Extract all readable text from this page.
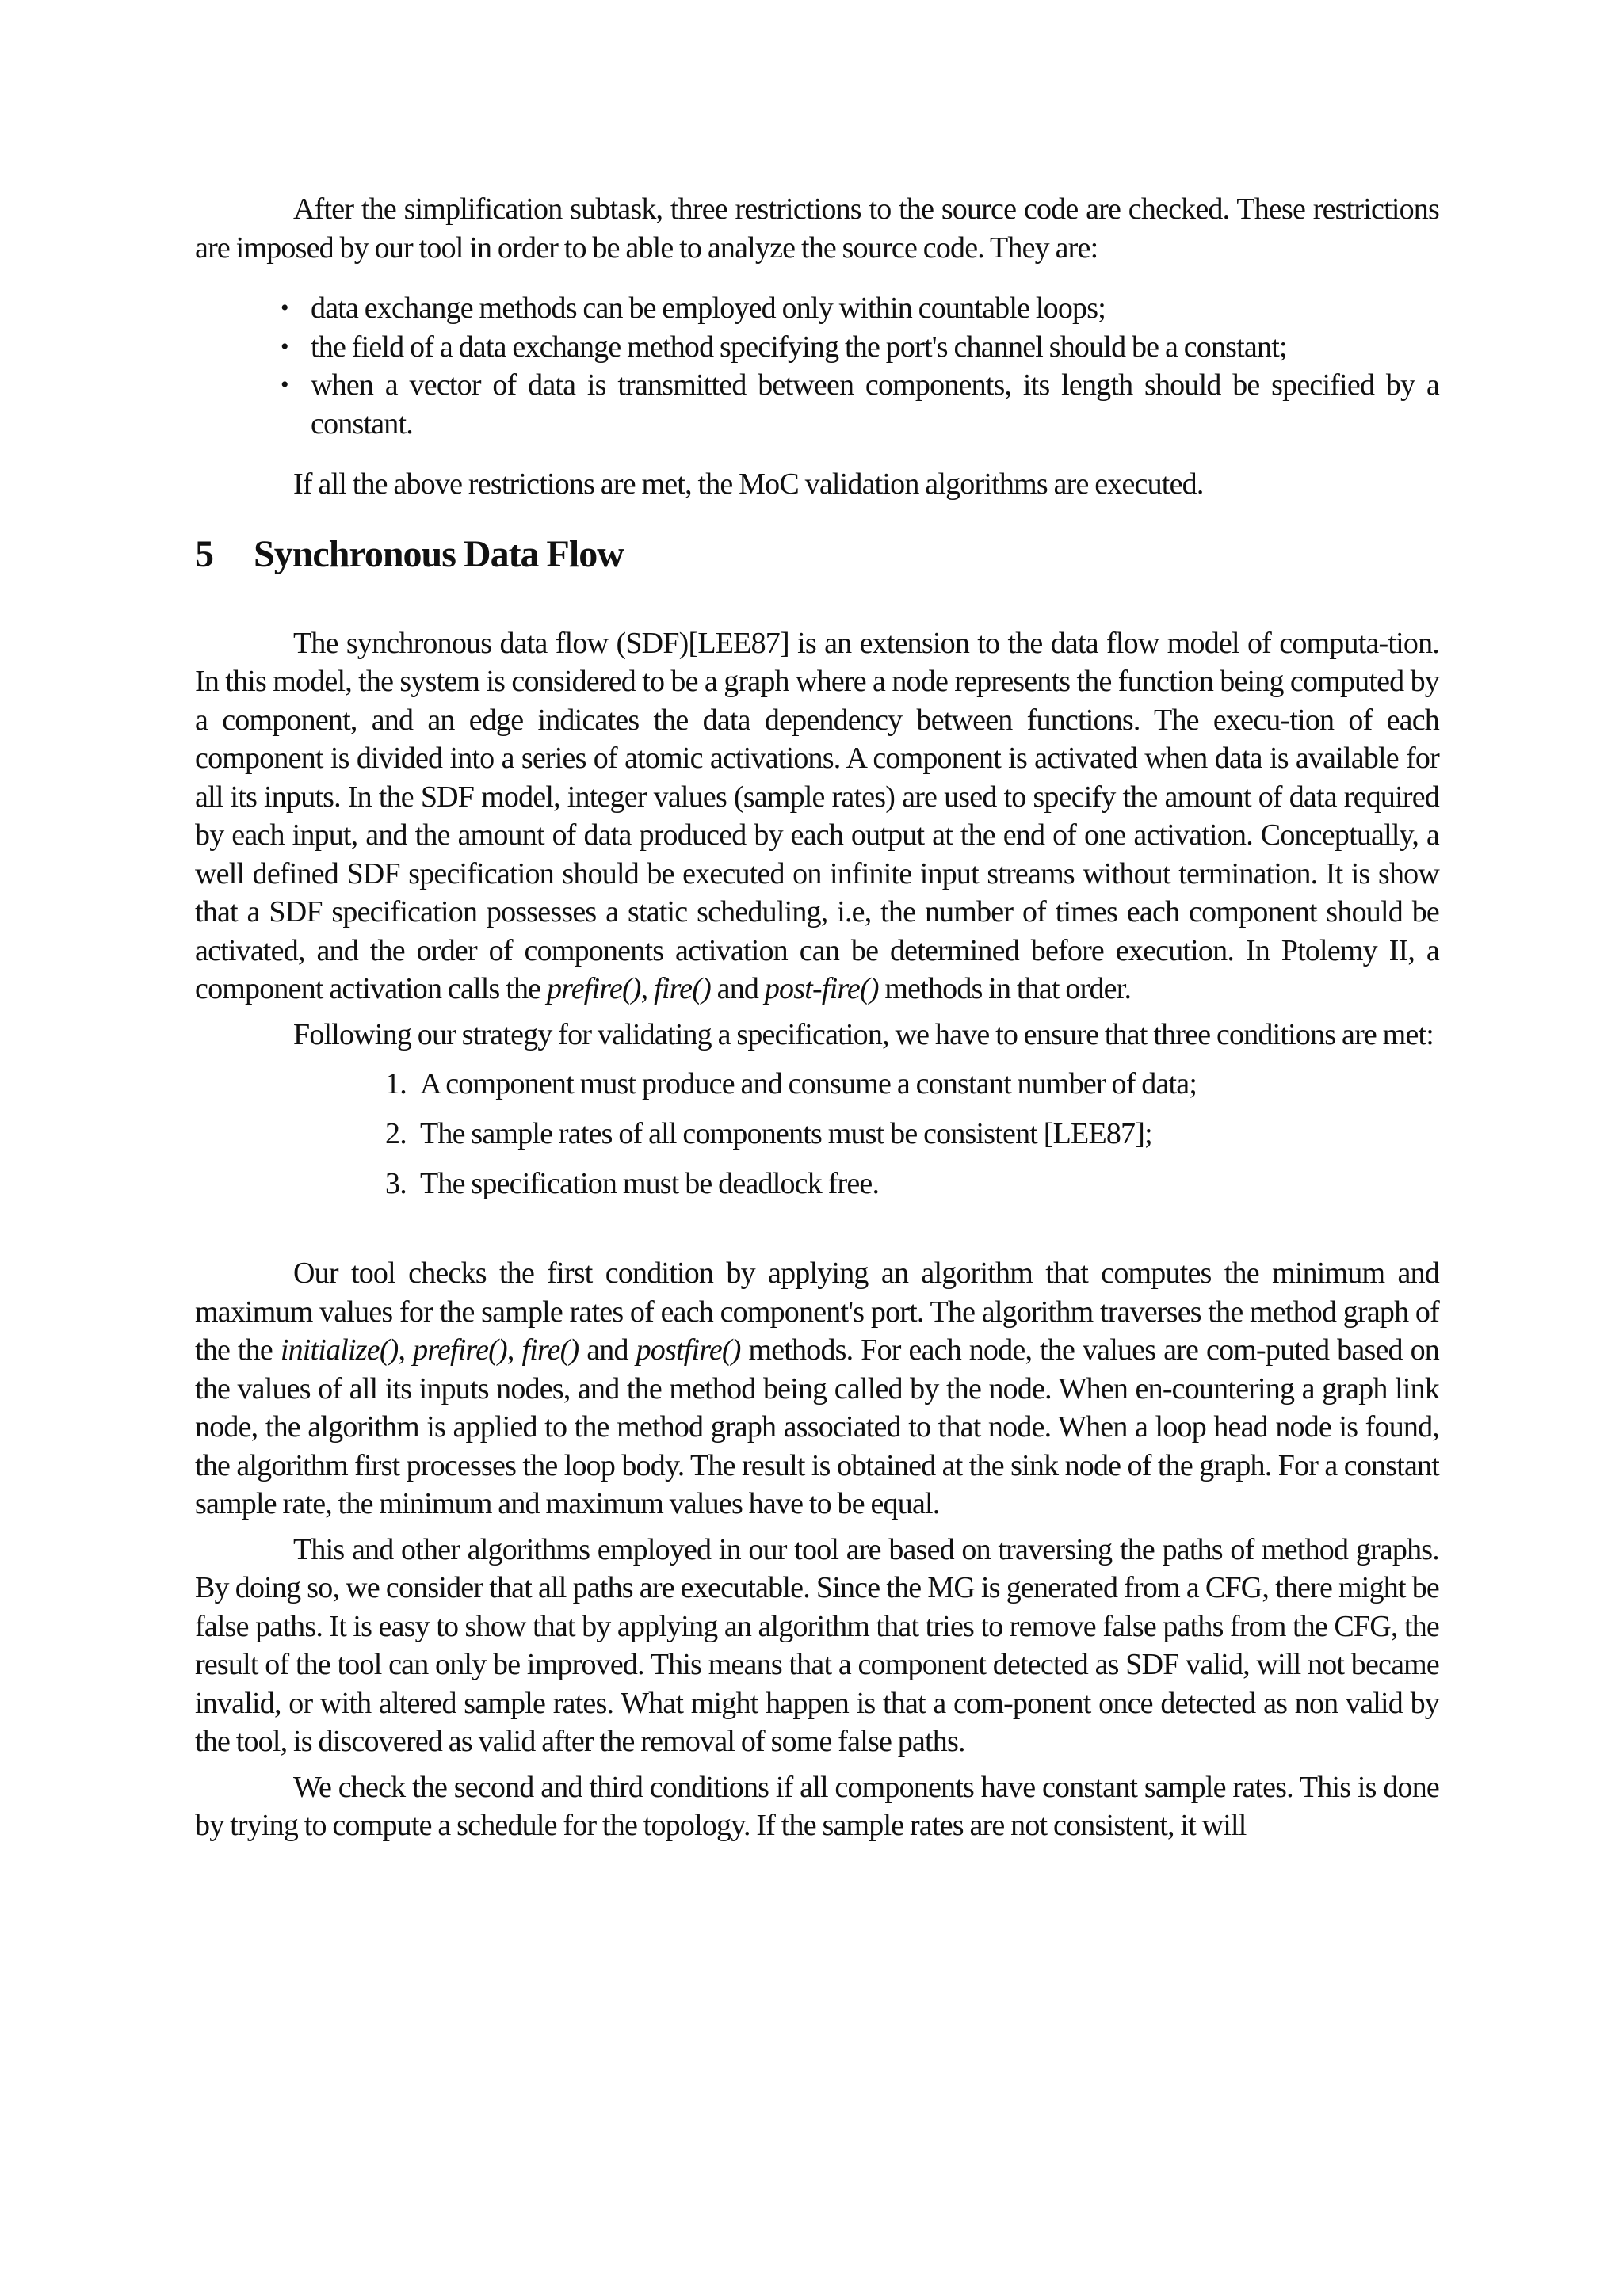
After the simplification subtask, three restrictions to the source code are checked. These restrictions are imposed by our tool in order to be able to analyze the source code. They are:

• data exchange methods can be employed only within countable loops;
• the field of a data exchange method specifying the port's channel should be a constant;
• when a vector of data is transmitted between components, its length should be specified by a constant.

If all the above restrictions are met, the MoC validation algorithms are executed.

5 Synchronous Data Flow

The synchronous data flow (SDF)[LEE87] is an extension to the data flow model of computa-tion. In this model, the system is considered to be a graph where a node represents the function being computed by a component, and an edge indicates the data dependency between functions. The execu-tion of each component is divided into a series of atomic activations. A component is activated when data is available for all its inputs. In the SDF model, integer values (sample rates) are used to specify the amount of data required by each input, and the amount of data produced by each output at the end of one activation. Conceptually, a well defined SDF specification should be executed on infinite input streams without termination. It is show that a SDF specification possesses a static scheduling, i.e, the number of times each component should be activated, and the order of components activation can be determined before execution. In Ptolemy II, a component activation calls the prefire(), fire() and post-fire() methods in that order.

Following our strategy for validating a specification, we have to ensure that three conditions are met:

1. A component must produce and consume a constant number of data;
2. The sample rates of all components must be consistent [LEE87];
3. The specification must be deadlock free.

Our tool checks the first condition by applying an algorithm that computes the minimum and maximum values for the sample rates of each component's port. The algorithm traverses the method graph of the the initialize(), prefire(), fire() and postfire() methods. For each node, the values are com-puted based on the values of all its inputs nodes, and the method being called by the node. When en-countering a graph link node, the algorithm is applied to the method graph associated to that node. When a loop head node is found, the algorithm first processes the loop body. The result is obtained at the sink node of the graph. For a constant sample rate, the minimum and maximum values have to be equal.

This and other algorithms employed in our tool are based on traversing the paths of method graphs. By doing so, we consider that all paths are executable. Since the MG is generated from a CFG, there might be false paths. It is easy to show that by applying an algorithm that tries to remove false paths from the CFG, the result of the tool can only be improved. This means that a component detected as SDF valid, will not became invalid, or with altered sample rates. What might happen is that a com-ponent once detected as non valid by the tool, is discovered as valid after the removal of some false paths.

We check the second and third conditions if all components have constant sample rates. This is done by trying to compute a schedule for the topology. If the sample rates are not consistent, it will
